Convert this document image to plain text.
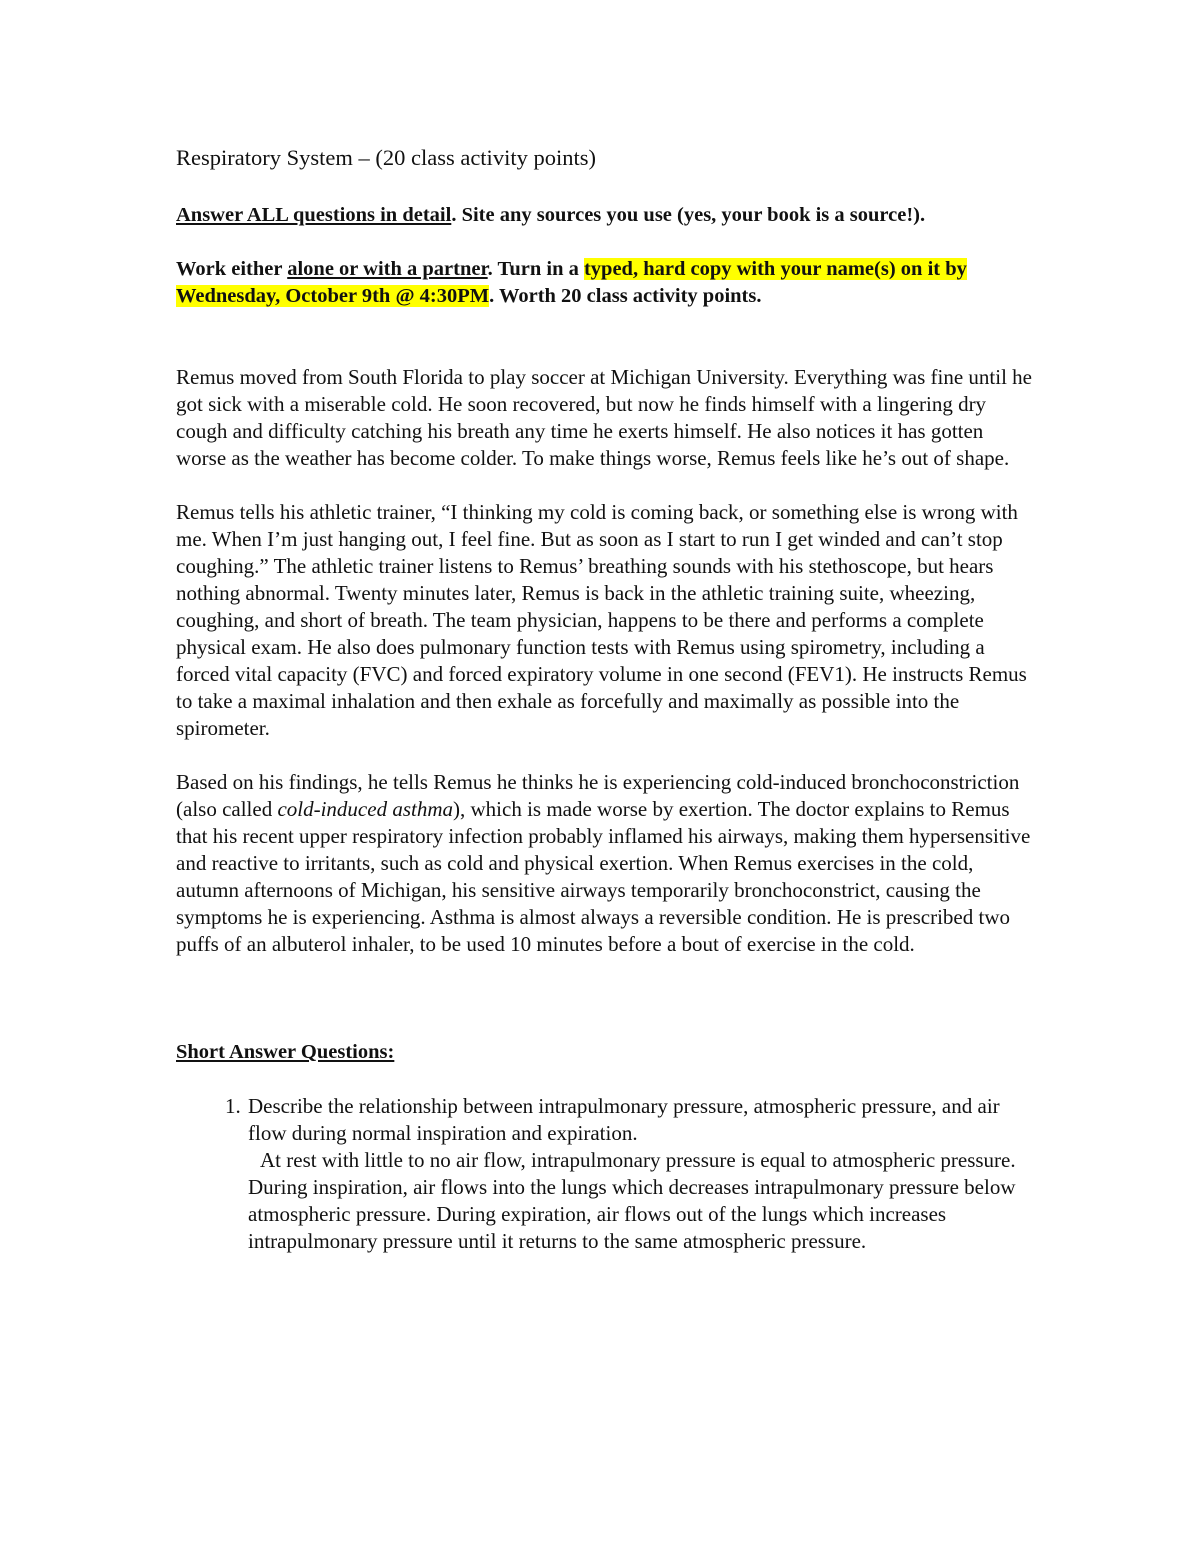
Respiratory System – (20 class activity points)

Answer ALL questions in detail. Site any sources you use (yes, your book is a source!).

Work either alone or with a partner. Turn in a typed, hard copy with your name(s) on it by Wednesday, October 9th @ 4:30PM. Worth 20 class activity points.

Remus moved from South Florida to play soccer at Michigan University. Everything was fine until he got sick with a miserable cold. He soon recovered, but now he finds himself with a lingering dry cough and difficulty catching his breath any time he exerts himself. He also notices it has gotten worse as the weather has become colder. To make things worse, Remus feels like he’s out of shape.

Remus tells his athletic trainer, “I thinking my cold is coming back, or something else is wrong with me. When I’m just hanging out, I feel fine. But as soon as I start to run I get winded and can’t stop coughing.” The athletic trainer listens to Remus’ breathing sounds with his stethoscope, but hears nothing abnormal. Twenty minutes later, Remus is back in the athletic training suite, wheezing, coughing, and short of breath. The team physician, happens to be there and performs a complete physical exam. He also does pulmonary function tests with Remus using spirometry, including a forced vital capacity (FVC) and forced expiratory volume in one second (FEV1). He instructs Remus to take a maximal inhalation and then exhale as forcefully and maximally as possible into the spirometer.

Based on his findings, he tells Remus he thinks he is experiencing cold-induced bronchoconstriction (also called cold-induced asthma), which is made worse by exertion. The doctor explains to Remus that his recent upper respiratory infection probably inflamed his airways, making them hypersensitive and reactive to irritants, such as cold and physical exertion. When Remus exercises in the cold, autumn afternoons of Michigan, his sensitive airways temporarily bronchoconstrict, causing the symptoms he is experiencing. Asthma is almost always a reversible condition. He is prescribed two puffs of an albuterol inhaler, to be used 10 minutes before a bout of exercise in the cold.

Short Answer Questions:

1. Describe the relationship between intrapulmonary pressure, atmospheric pressure, and air flow during normal inspiration and expiration.
At rest with little to no air flow, intrapulmonary pressure is equal to atmospheric pressure. During inspiration, air flows into the lungs which decreases intrapulmonary pressure below atmospheric pressure. During expiration, air flows out of the lungs which increases intrapulmonary pressure until it returns to the same atmospheric pressure.
